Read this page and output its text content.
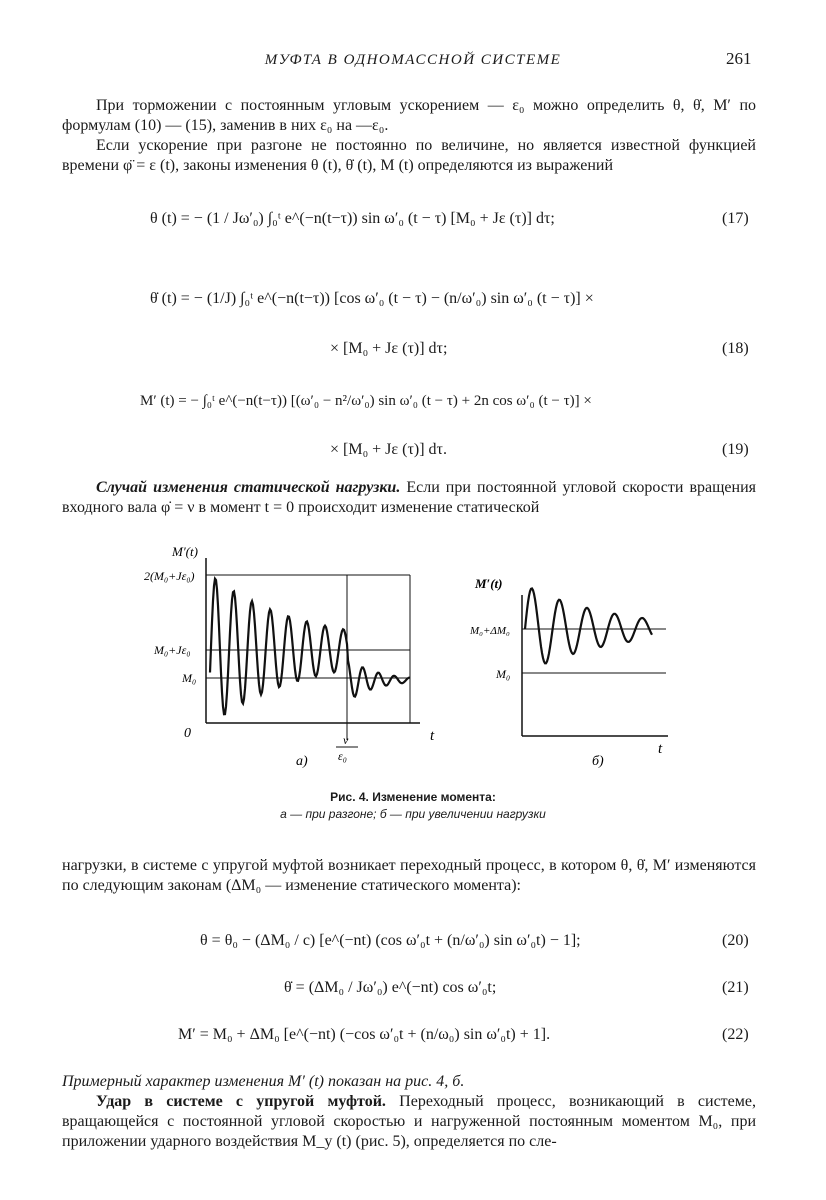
МУФТА В ОДНОМАССНОЙ СИСТЕМЕ	261

При торможении с постоянным угловым ускорением — ε₀ можно определить θ, θ̇, M′ по формулам (10) — (15), заменив в них ε₀ на —ε₀.

Если ускорение при разгоне не постоянно по величине, но является известной функцией времени φ̈ = ε (t), законы изменения θ (t), θ̇ (t), M (t) определяются из выражений

θ (t) = − (1 / Jω′₀) ∫₀ᵗ e^(−n(t−τ)) sin ω′₀ (t − τ) [M₀ + Jε (τ)] dτ;	(17)
θ̇ (t) = − (1/J) ∫₀ᵗ e^(−n(t−τ)) [cos ω′₀ (t − τ) − (n/ω′₀) sin ω′₀ (t − τ)] ×
× [M₀ + Jε (τ)] dτ;	(18)
M′ (t) = − ∫₀ᵗ e^(−n(t−τ)) [(ω′₀ − n²/ω′₀) sin ω′₀ (t − τ) + 2n cos ω′₀ (t − τ)] ×
× [M₀ + Jε (τ)] dτ.	(19)

Случай изменения статической нагрузки. Если при постоянной угловой скорости вращения входного вала φ̇ = ν в момент t = 0 происходит изменение статической

M′(t)
2(M₀+Jε₀)
M₀+Jε₀
M₀
0	t
ν
ε₀
а)
M′(t)
M₀+ΔM₀
M₀
t
б)
Рис. 4. Изменение момента:
а — при разгоне; б — при увеличении нагрузки

нагрузки, в системе с упругой муфтой возникает переходный процесс, в котором θ, θ̇, M′ изменяются по следующим законам (ΔM₀ — изменение статического момента):

θ = θ₀ − (ΔM₀ / c) [e^(−nt) (cos ω′₀t + (n/ω′₀) sin ω′₀t) − 1];	(20)
θ̇ = (ΔM₀ / Jω′₀) e^(−nt) cos ω′₀t;	(21)
M′ = M₀ + ΔM₀ [e^(−nt) (−cos ω′₀t + (n/ω₀) sin ω′₀t) + 1].	(22)

Примерный характер изменения M′ (t) показан на рис. 4, б.

Удар в системе с упругой муфтой. Переходный процесс, возникающий в системе, вращающейся с постоянной угловой скоростью и нагруженной постоянным моментом M₀, при приложении ударного воздействия M_y (t) (рис. 5), определяется по сле-
